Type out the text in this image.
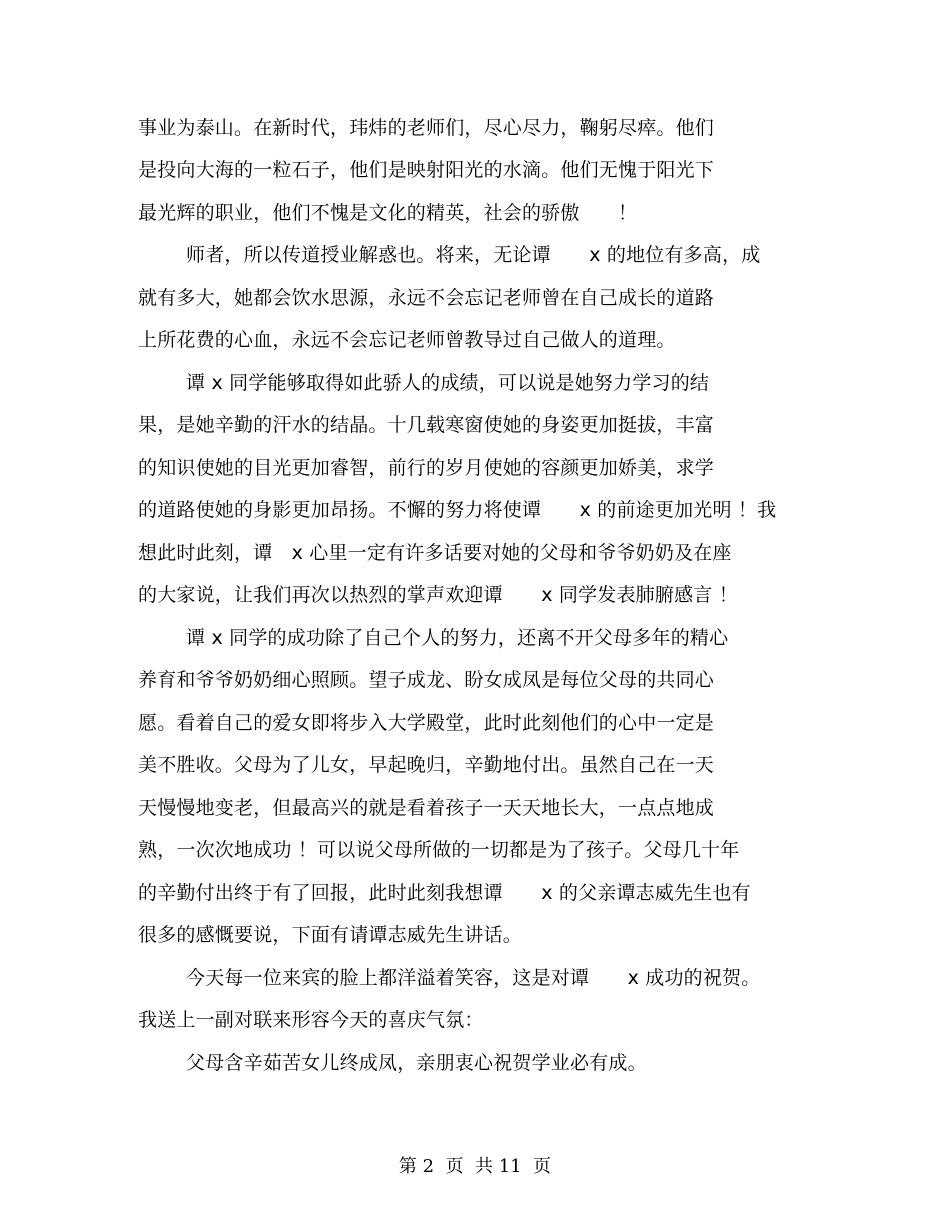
事业为泰山。在新时代，玮炜的老师们，尽心尽力，鞠躬尽瘁。他们
是投向大海的一粒石子，他们是映射阳光的水滴。他们无愧于阳光下
最光辉的职业，他们不愧是文化的精英，社会的骄傲　　！
师者，所以传道授业解惑也。将来，无论谭　　x 的地位有多高，成
就有多大，她都会饮水思源，永远不会忘记老师曾在自己成长的道路
上所花费的心血，永远不会忘记老师曾教导过自己做人的道理。
谭 x 同学能够取得如此骄人的成绩，可以说是她努力学习的结
果，是她辛勤的汗水的结晶。十几载寒窗使她的身姿更加挺拔，丰富
的知识使她的目光更加睿智，前行的岁月使她的容颜更加娇美，求学
的道路使她的身影更加昂扬。不懈的努力将使谭　　x 的前途更加光明 ！我
想此时此刻，谭　x 心里一定有许多话要对她的父母和爷爷奶奶及在座
的大家说，让我们再次以热烈的掌声欢迎谭　　x 同学发表肺腑感言 ！
谭 x 同学的成功除了自己个人的努力，还离不开父母多年的精心
养育和爷爷奶奶细心照顾。望子成龙、盼女成凤是每位父母的共同心
愿。看着自己的爱女即将步入大学殿堂，此时此刻他们的心中一定是
美不胜收。父母为了儿女，早起晚归，辛勤地付出。虽然自己在一天
天慢慢地变老，但最高兴的就是看着孩子一天天地长大，一点点地成
熟，一次次地成功 ！可以说父母所做的一切都是为了孩子。父母几十年
的辛勤付出终于有了回报，此时此刻我想谭　　x 的父亲谭志威先生也有
很多的感慨要说，下面有请谭志威先生讲话。
今天每一位来宾的脸上都洋溢着笑容，这是对谭　　x 成功的祝贺。
我送上一副对联来形容今天的喜庆气氛：
父母含辛茹苦女儿终成凤，亲朋衷心祝贺学业必有成。
第 2  页  共 11  页
